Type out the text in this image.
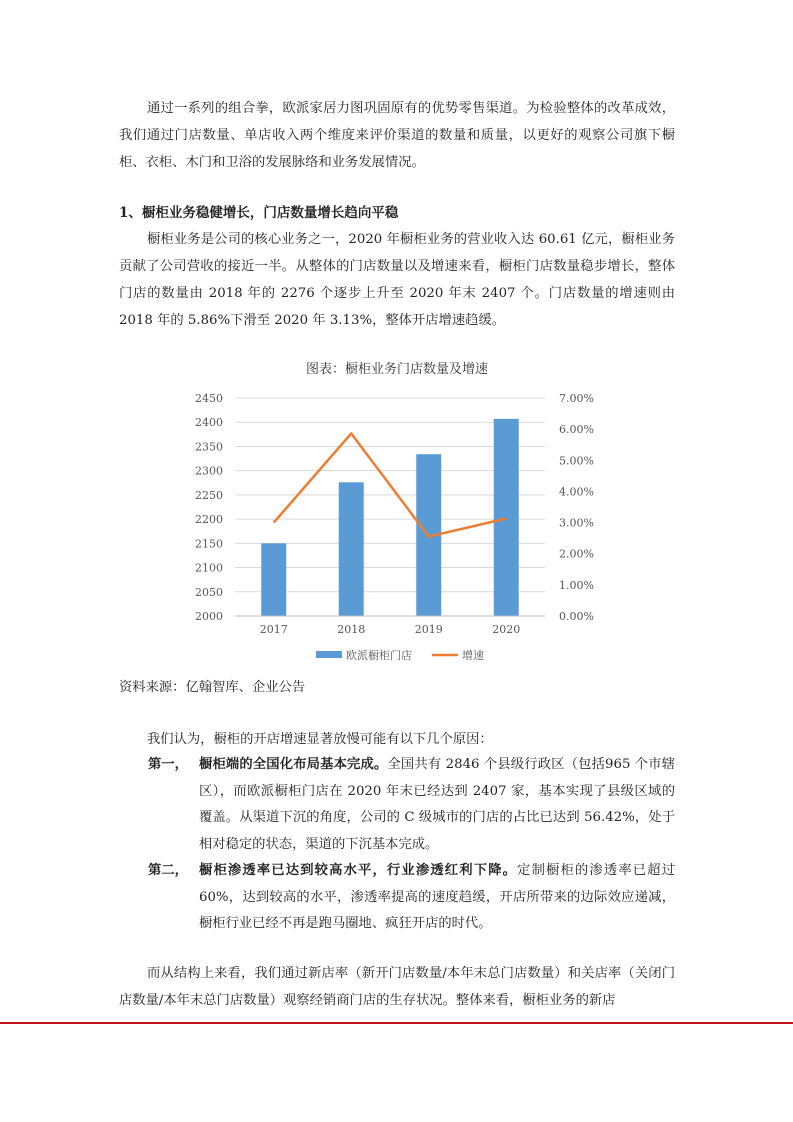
通过一系列的组合拳，欧派家居力图巩固原有的优势零售渠道。为检验整体的改革成效，我们通过门店数量、单店收入两个维度来评价渠道的数量和质量，以更好的观察公司旗下橱柜、衣柜、木门和卫浴的发展脉络和业务发展情况。

1、橱柜业务稳健增长，门店数量增长趋向平稳

橱柜业务是公司的核心业务之一，2020 年橱柜业务的营业收入达 60.61 亿元，橱柜业务贡献了公司营收的接近一半。从整体的门店数量以及增速来看，橱柜门店数量稳步增长，整体门店的数量由 2018 年的 2276 个逐步上升至 2020 年末 2407 个。门店数量的增速则由 2018 年的 5.86%下滑至 2020 年 3.13%，整体开店增速趋缓。

图表：橱柜业务门店数量及增速
2000
2050
2100
2150
2200
2250
2300
2350
2400
2450
0.00%
1.00%
2.00%
3.00%
4.00%
5.00%
6.00%
7.00%
2017	2018	2019	2020
欧派橱柜门店	增速
资料来源：亿翰智库、企业公告

我们认为，橱柜的开店增速显著放慢可能有以下几个原因：

第一， 橱柜端的全国化布局基本完成。全国共有 2846 个县级行政区（包括965 个市辖区），而欧派橱柜门店在 2020 年末已经达到 2407 家，基本实现了县级区域的覆盖。从渠道下沉的角度，公司的 C 级城市的门店的占比已达到 56.42%，处于相对稳定的状态，渠道的下沉基本完成。
第二， 橱柜渗透率已达到较高水平，行业渗透红利下降。定制橱柜的渗透率已超过 60%，达到较高的水平，渗透率提高的速度趋缓，开店所带来的边际效应递减，橱柜行业已经不再是跑马圈地、疯狂开店的时代。

而从结构上来看，我们通过新店率（新开门店数量/本年末总门店数量）和关店率（关闭门店数量/本年末总门店数量）观察经销商门店的生存状况。整体来看，橱柜业务的新店
